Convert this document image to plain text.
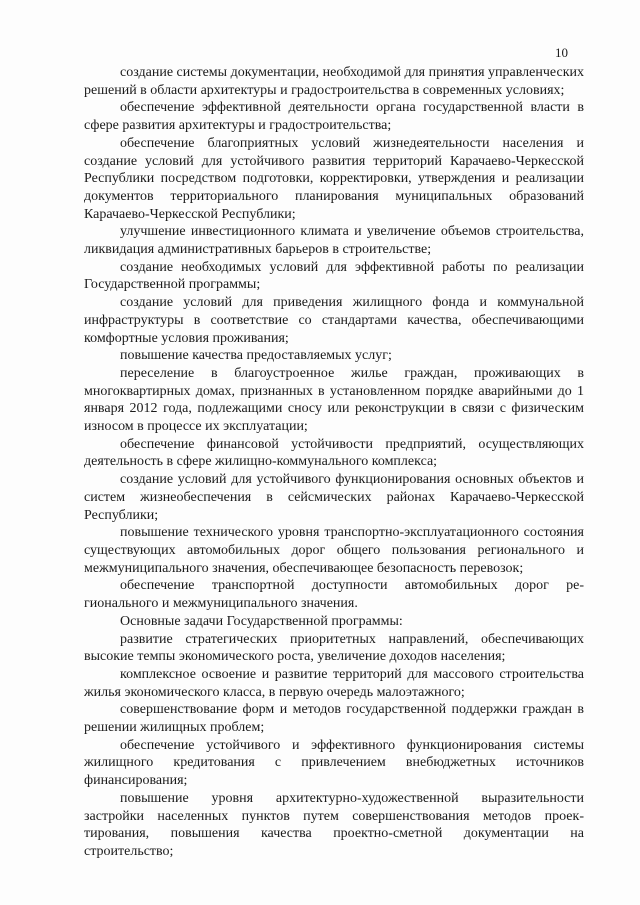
10

создание системы документации, необходимой для принятия управленческих решений в области архитектуры и градостроительства в современных условиях;

обеспечение эффективной деятельности органа государственной власти в сфере развития архитектуры и градостроительства;

обеспечение благоприятных условий жизнедеятельности населения и создание условий для устойчивого развития территорий Карачаево-Черкесской Республики посредством подготовки, корректировки, утверждения и реализации документов территориального планирования муниципальных образований Карачаево-Черкесской Республики;

улучшение инвестиционного климата и увеличение объемов строительства, ликвидация административных барьеров в строительстве;

создание необходимых условий для эффективной работы по реализации Государственной программы;

создание условий для приведения жилищного фонда и коммунальной инфраструктуры в соответствие со стандартами качества, обеспечивающими комфортные условия проживания;

повышение качества предоставляемых услуг;

переселение в благоустроенное жилье граждан, проживающих в многоквартирных домах, признанных в установленном порядке аварийными до 1 января 2012 года, подлежащими сносу или реконструкции в связи с физическим износом в процессе их эксплуатации;

обеспечение финансовой устойчивости предприятий, осуществляющих деятельность в сфере жилищно-коммунального комплекса;

создание условий для устойчивого функционирования основных объектов и систем жизнеобеспечения в сейсмических районах Карачаево-Черкесской Республики;

повышение технического уровня транспортно-эксплуатационного состояния существующих автомобильных дорог общего пользования регионального и межмуниципального значения, обеспечивающее безопасность перевозок;

обеспечение транспортной доступности автомобильных дорог регионального и межмуниципального значения.

Основные задачи Государственной программы:

развитие стратегических приоритетных направлений, обеспечивающих высокие темпы экономического роста, увеличение доходов населения;

комплексное освоение и развитие территорий для массового строительства жилья экономического класса, в первую очередь малоэтажного;

совершенствование форм и методов государственной поддержки граждан в решении жилищных проблем;

обеспечение устойчивого и эффективного функционирования системы жилищного кредитования с привлечением внебюджетных источников финансирования;

повышение уровня архитектурно-художественной выразительности застройки населенных пунктов путем совершенствования методов проектирования, повышения качества проектно-сметной документации на строительство;
